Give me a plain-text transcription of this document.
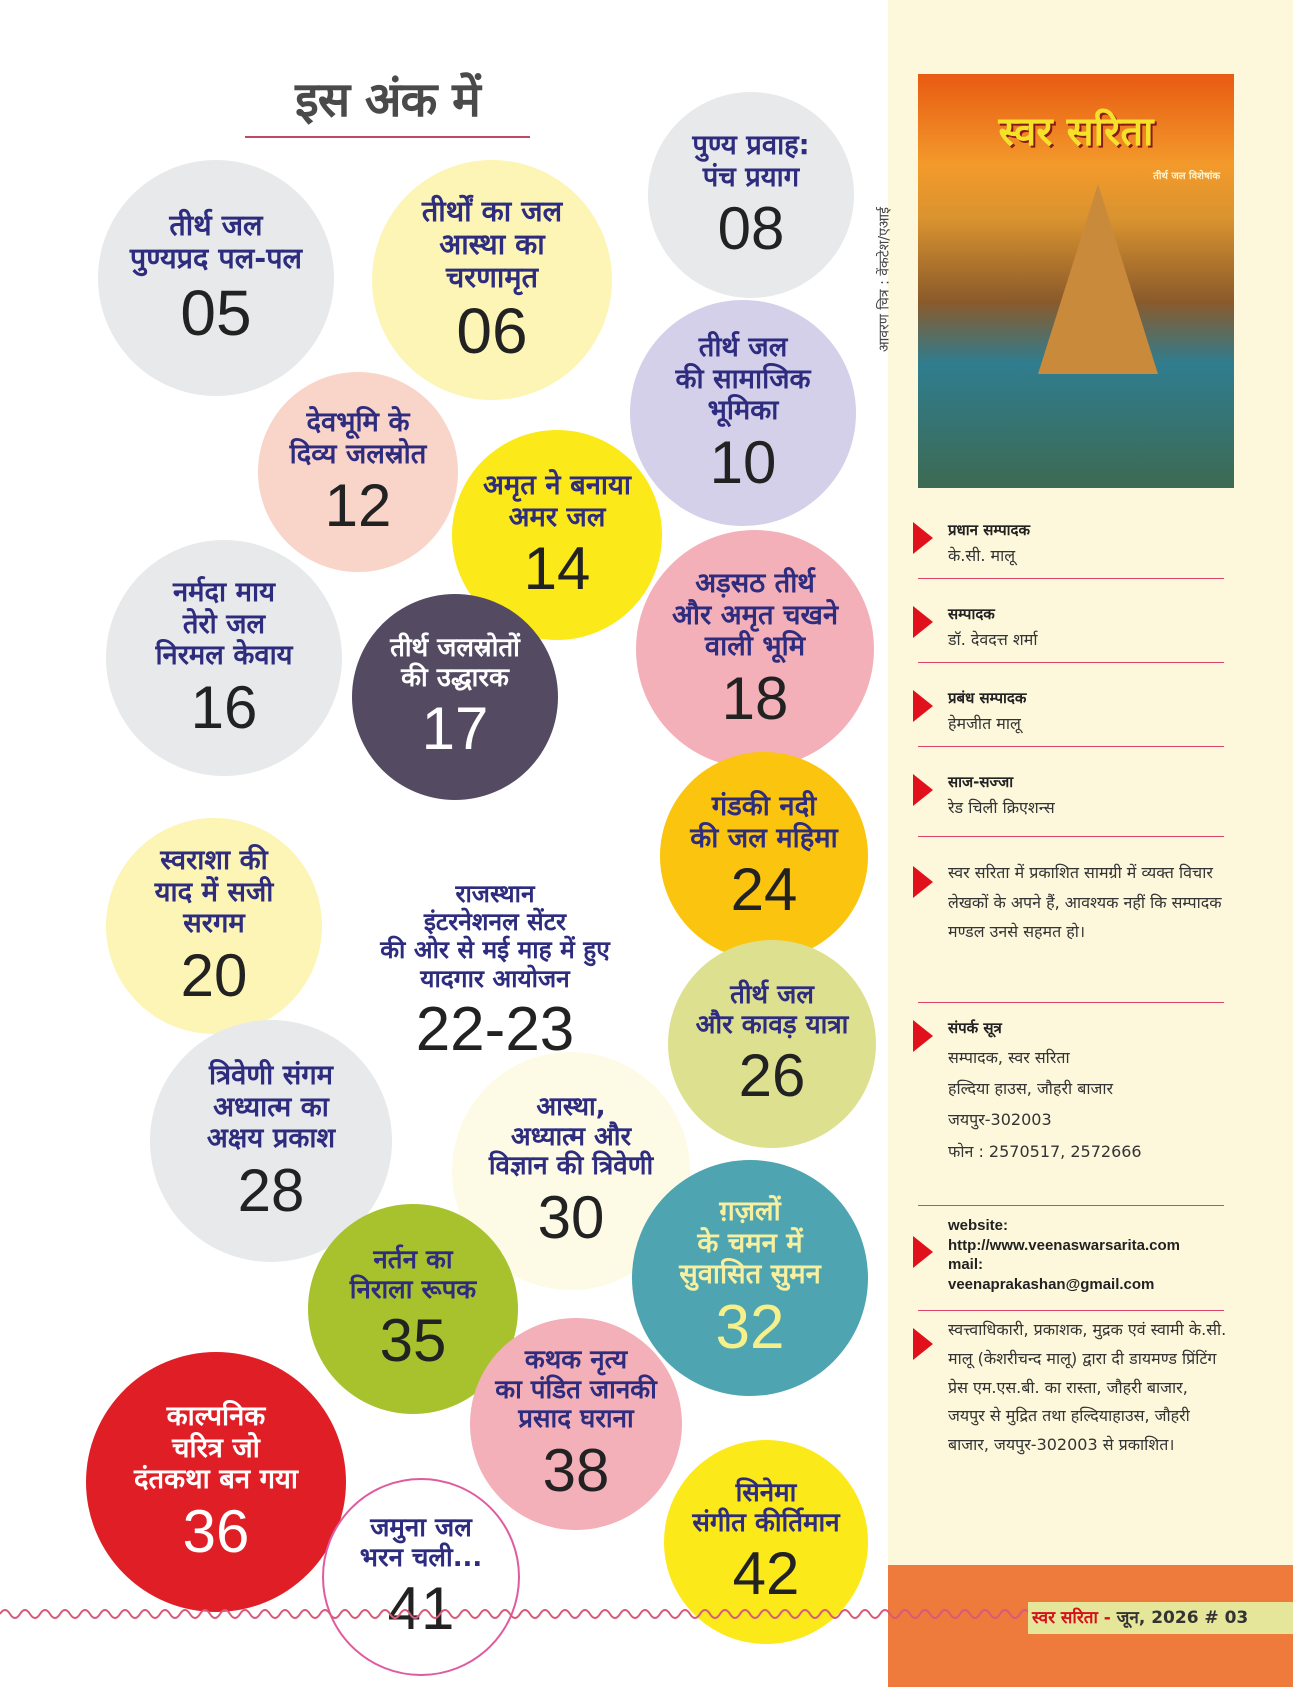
इस अंक में
तीर्थ जल
पुण्यप्रद पल-पल
05
तीर्थों का जल
आस्था का
चरणामृत
06
पुण्य प्रवाह:
पंच प्रयाग
08
तीर्थ जल
की सामाजिक
भूमिका
10
देवभूमि के
दिव्य जलस्रोत
12	अमृत ने बनाया
अमर जल
14
नर्मदा माय
तेरो जल
निरमल केवाय
16
तीर्थ जलस्रोतों
की उद्धारक
17
अड़सठ तीर्थ
और अमृत चखने
वाली भूमि
18
स्वराशा की
याद में सजी
सरगम
20
राजस्थान
इंटरनेशनल सेंटर
की ओर से मई माह में हुए
यादगार आयोजन
22-23
गंडकी नदी
की जल महिमा
24
तीर्थ जल
और कावड़ यात्रा
26
त्रिवेणी संगम
अध्यात्म का
अक्षय प्रकाश
28
आस्था,
अध्यात्म और
विज्ञान की त्रिवेणी
30	ग़ज़लों
के चमन में
सुवासित सुमन
32
नर्तन का
निराला रूपक
35
काल्पनिक
चरित्र जो
दंतकथा बन गया
36
कथक नृत्य
का पंडित जानकी
प्रसाद घराना
38
जमुना जल
भरन चली...
41
सिनेमा
संगीत कीर्तिमान
42
स्वर सरिता
तीर्थ जल विशेषांक
आवरण चित्र : वेंकटेश/एआई
प्रधान सम्पादक
के.सी. मालू
सम्पादक
डॉ. देवदत्त शर्मा
प्रबंध सम्पादक
हेमजीत मालू
साज-सज्जा
रेड चिली क्रिएशन्स
स्वर सरिता में प्रकाशित सामग्री में व्यक्त विचार लेखकों के अपने हैं, आवश्यक नहीं कि सम्पादक मण्डल उनसे सहमत हो।
संपर्क सूत्र
सम्पादक, स्वर सरिता
हल्दिया हाउस, जौहरी बाजार
जयपुर-302003
फोन : 2570517, 2572666
website:
http://www.veenaswarsarita.com
mail:
veenaprakashan@gmail.com
स्वत्त्वाधिकारी, प्रकाशक, मुद्रक एवं स्वामी के.सी. मालू (केशरीचन्द मालू) द्वारा दी डायमण्ड प्रिंटिंग प्रेस एम.एस.बी. का रास्ता, जौहरी बाजार, जयपुर से मुद्रित तथा हल्दियाहाउस, जौहरी बाजार, जयपुर-302003 से प्रकाशित।
स्वर सरिता - जून, 2026 # 03
